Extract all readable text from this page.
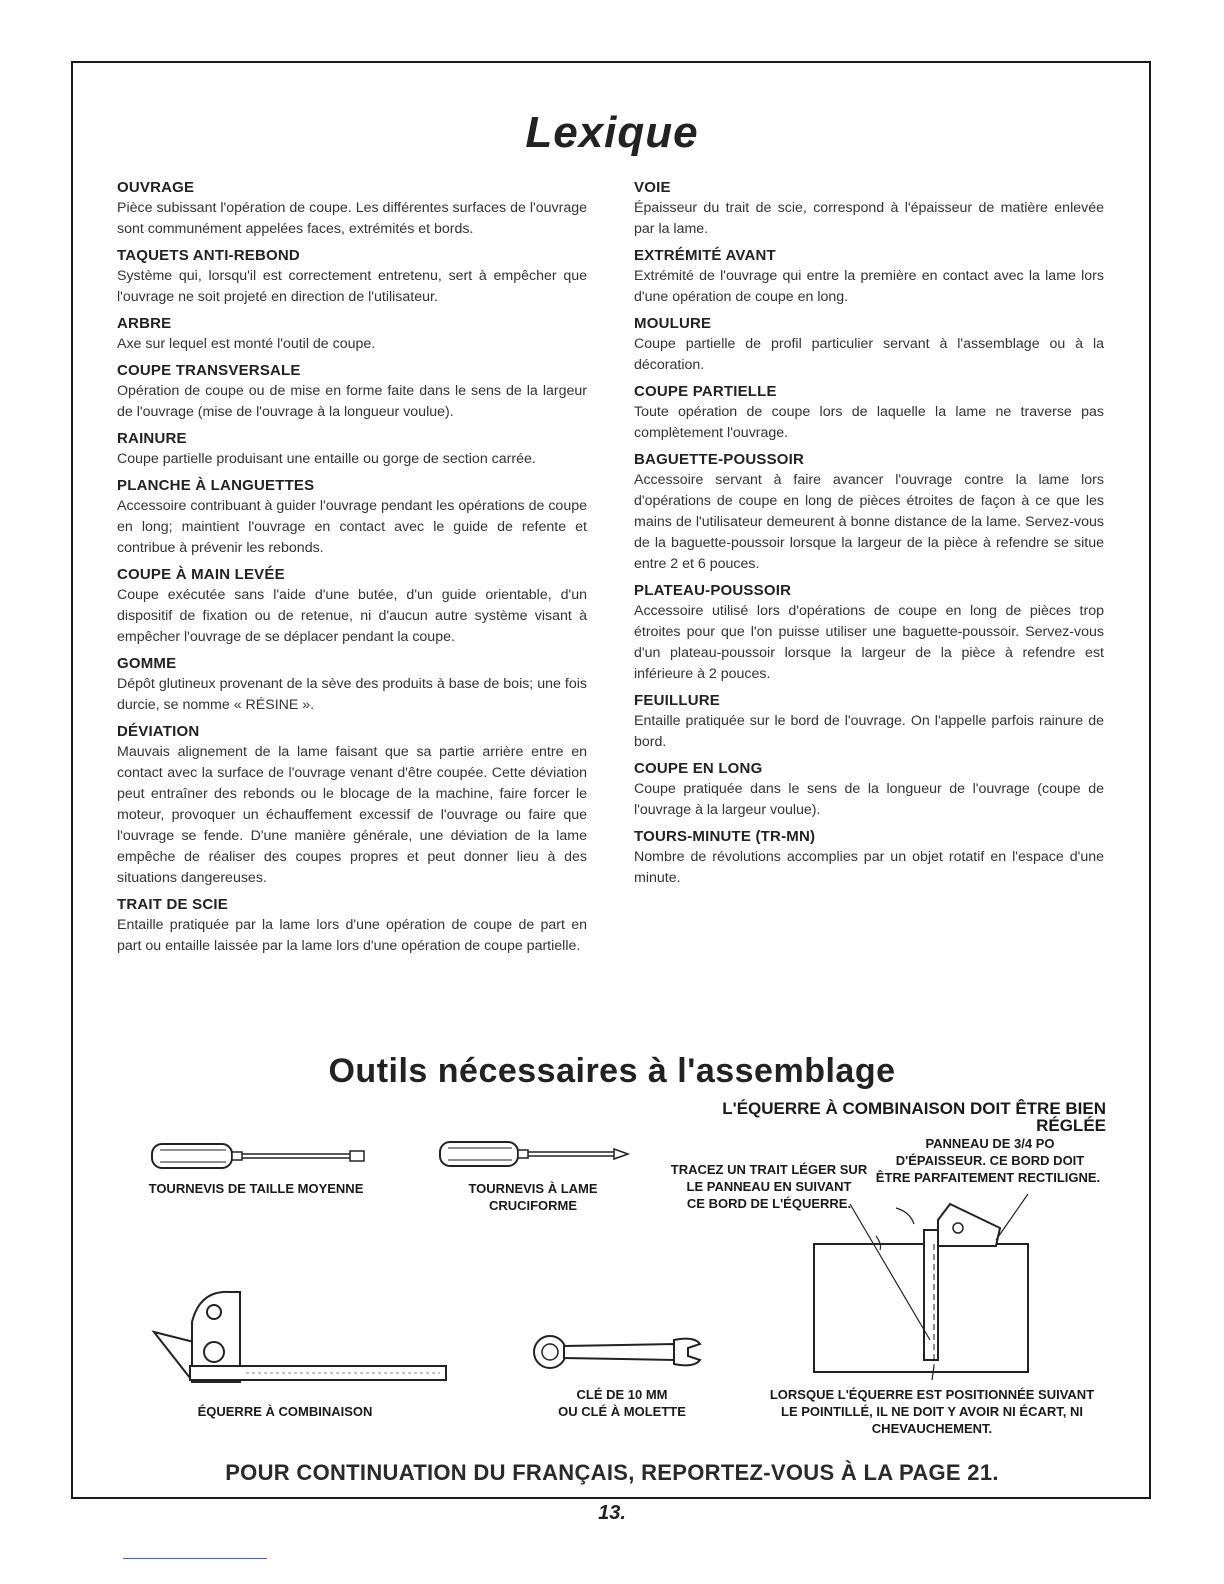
Lexique
OUVRAGE
Pièce subissant l'opération de coupe. Les différentes surfaces de l'ouvrage sont communément appelées faces, extrémités et bords.
TAQUETS ANTI-REBOND
Système qui, lorsqu'il est correctement entretenu, sert à empêcher que l'ouvrage ne soit projeté en direction de l'utilisateur.
ARBRE
Axe sur lequel est monté l'outil de coupe.
COUPE TRANSVERSALE
Opération de coupe ou de mise en forme faite dans le sens de la largeur de l'ouvrage (mise de l'ouvrage à la longueur voulue).
RAINURE
Coupe partielle produisant une entaille ou gorge de section carrée.
PLANCHE À LANGUETTES
Accessoire contribuant à guider l'ouvrage pendant les opérations de coupe en long; maintient l'ouvrage en contact avec le guide de refente et contribue à prévenir les rebonds.
COUPE À MAIN LEVÉE
Coupe exécutée sans l'aide d'une butée, d'un guide orientable, d'un dispositif de fixation ou de retenue, ni d'aucun autre système visant à empêcher l'ouvrage de se déplacer pendant la coupe.
GOMME
Dépôt glutineux provenant de la sève des produits à base de bois; une fois durcie, se nomme « RÉSINE ».
DÉVIATION
Mauvais alignement de la lame faisant que sa partie arrière entre en contact avec la surface de l'ouvrage venant d'être coupée. Cette déviation peut entraîner des rebonds ou le blocage de la machine, faire forcer le moteur, provoquer un échauffement excessif de l'ouvrage ou faire que l'ouvrage se fende. D'une manière générale, une déviation de la lame empêche de réaliser des coupes propres et peut donner lieu à des situations dangereuses.
TRAIT DE SCIE
Entaille pratiquée par la lame lors d'une opération de coupe de part en part ou entaille laissée par la lame lors d'une opération de coupe partielle.
VOIE
Épaisseur du trait de scie, correspond à l'épaisseur de matière enlevée par la lame.
EXTRÉMITÉ AVANT
Extrémité de l'ouvrage qui entre la première en contact avec la lame lors d'une opération de coupe en long.
MOULURE
Coupe partielle de profil particulier servant à l'assemblage ou à la décoration.
COUPE PARTIELLE
Toute opération de coupe lors de laquelle la lame ne traverse pas complètement l'ouvrage.
BAGUETTE-POUSSOIR
Accessoire servant à faire avancer l'ouvrage contre la lame lors d'opérations de coupe en long de pièces étroites de façon à ce que les mains de l'utilisateur demeurent à bonne distance de la lame. Servez-vous de la baguette-poussoir lorsque la largeur de la pièce à refendre se situe entre 2 et 6 pouces.
PLATEAU-POUSSOIR
Accessoire utilisé lors d'opérations de coupe en long de pièces trop étroites pour que l'on puisse utiliser une baguette-poussoir. Servez-vous d'un plateau-poussoir lorsque la largeur de la pièce à refendre est inférieure à 2 pouces.
FEUILLURE
Entaille pratiquée sur le bord de l'ouvrage. On l'appelle parfois rainure de bord.
COUPE EN LONG
Coupe pratiquée dans le sens de la longueur de l'ouvrage (coupe de l'ouvrage à la largeur voulue).
TOURS-MINUTE (TR-MN)
Nombre de révolutions accomplies par un objet rotatif en l'espace d'une minute.
Outils nécessaires à l'assemblage
L'ÉQUERRE À COMBINAISON DOIT ÊTRE BIEN RÉGLÉE
TOURNEVIS DE TAILLE MOYENNE	TOURNEVIS À LAME
CRUCIFORME
ÉQUERRE À COMBINAISON
CLÉ DE 10 MM
OU CLÉ À MOLETTE
PANNEAU DE 3/4 PO
D'ÉPAISSEUR. CE BORD DOIT
ÊTRE PARFAITEMENT RECTILIGNE.
TRACEZ UN TRAIT LÉGER SUR
LE PANNEAU EN SUIVANT
CE BORD DE L'ÉQUERRE.
LORSQUE L'ÉQUERRE EST POSITIONNÉE SUIVANT
LE POINTILLÉ, IL NE DOIT Y AVOIR NI ÉCART, NI
CHEVAUCHEMENT.
POUR CONTINUATION DU FRANÇAIS, REPORTEZ-VOUS À LA PAGE 21.
13.
